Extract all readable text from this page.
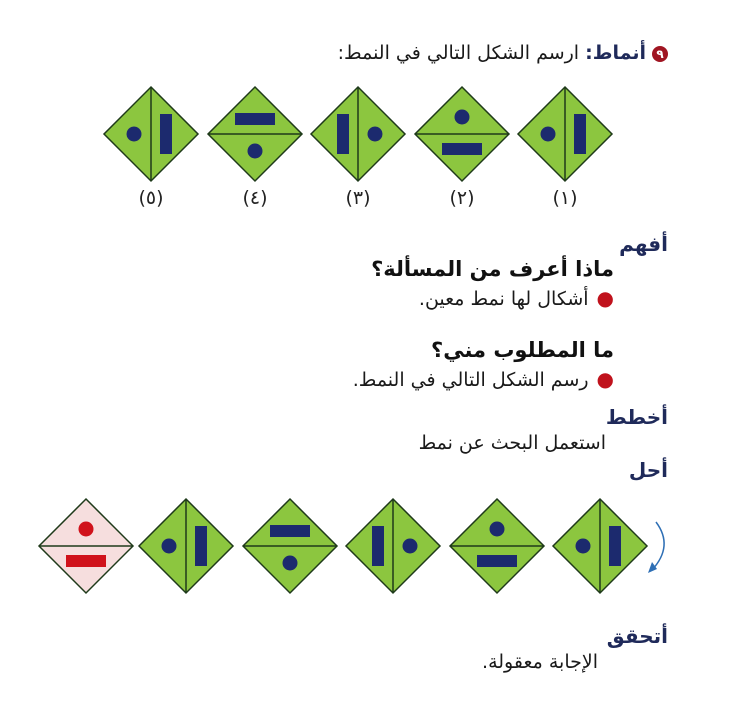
٩أنماط: ارسم الشكل التالي في النمط:
(١)
(٢)
(٣)
(٤)
(٥)
أفهم
ماذا أعرف من المسألة؟
●أشكال لها نمط معين.
ما المطلوب مني؟
●رسم الشكل التالي في النمط.
أخطط
استعمل البحث عن نمط
أحل
أتحقق
الإجابة معقولة.
